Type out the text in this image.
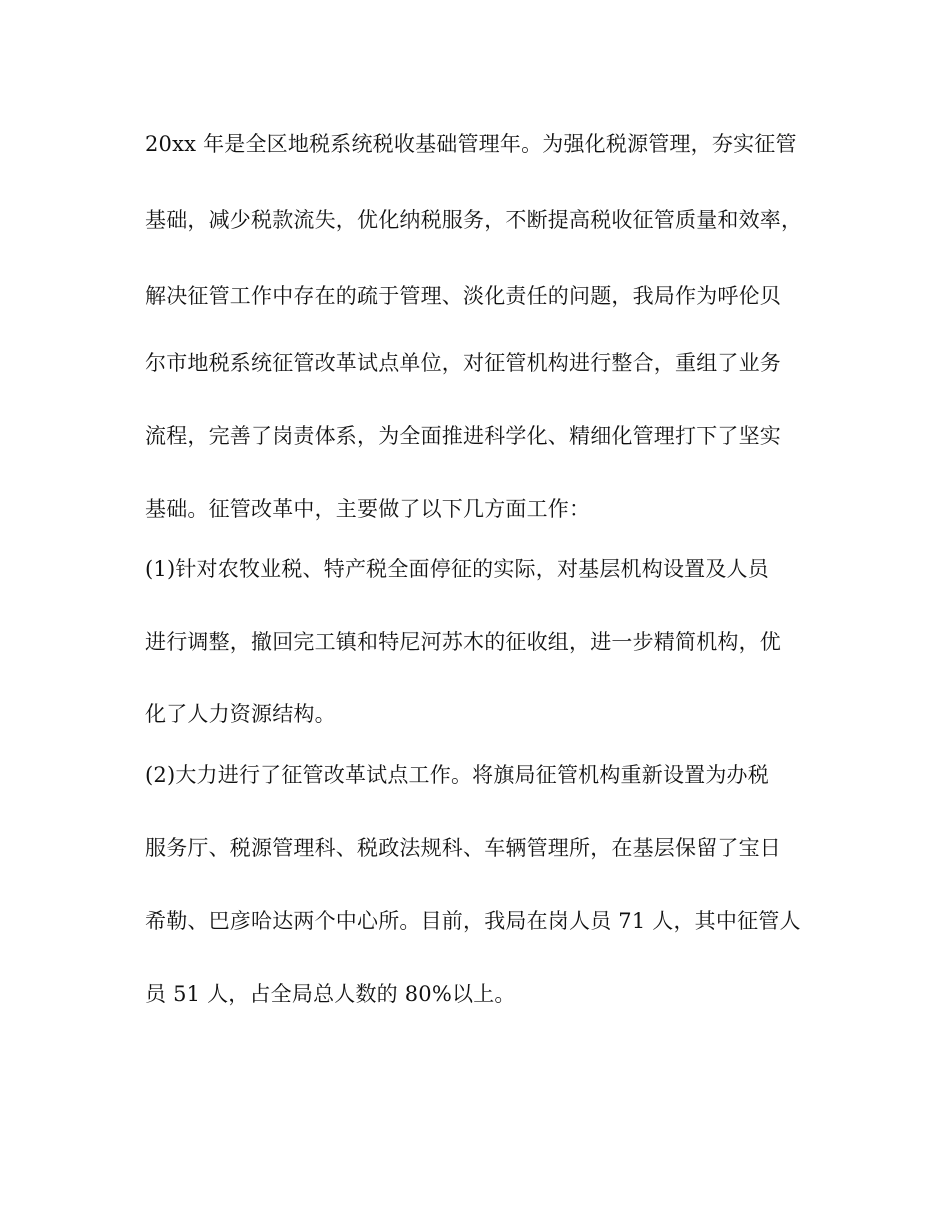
20xx 年是全区地税系统税收基础管理年。为强化税源管理，夯实征管
基础，减少税款流失，优化纳税服务，不断提高税收征管质量和效率，
解决征管工作中存在的疏于管理、淡化责任的问题，我局作为呼伦贝
尔市地税系统征管改革试点单位，对征管机构进行整合，重组了业务
流程，完善了岗责体系，为全面推进科学化、精细化管理打下了坚实
基础。征管改革中，主要做了以下几方面工作：
(1)针对农牧业税、特产税全面停征的实际，对基层机构设置及人员
进行调整，撤回完工镇和特尼河苏木的征收组，进一步精简机构，优
化了人力资源结构。
(2)大力进行了征管改革试点工作。将旗局征管机构重新设置为办税
服务厅、税源管理科、税政法规科、车辆管理所，在基层保留了宝日
希勒、巴彦哈达两个中心所。目前，我局在岗人员 71 人，其中征管人
员 51 人，占全局总人数的 80%以上。
